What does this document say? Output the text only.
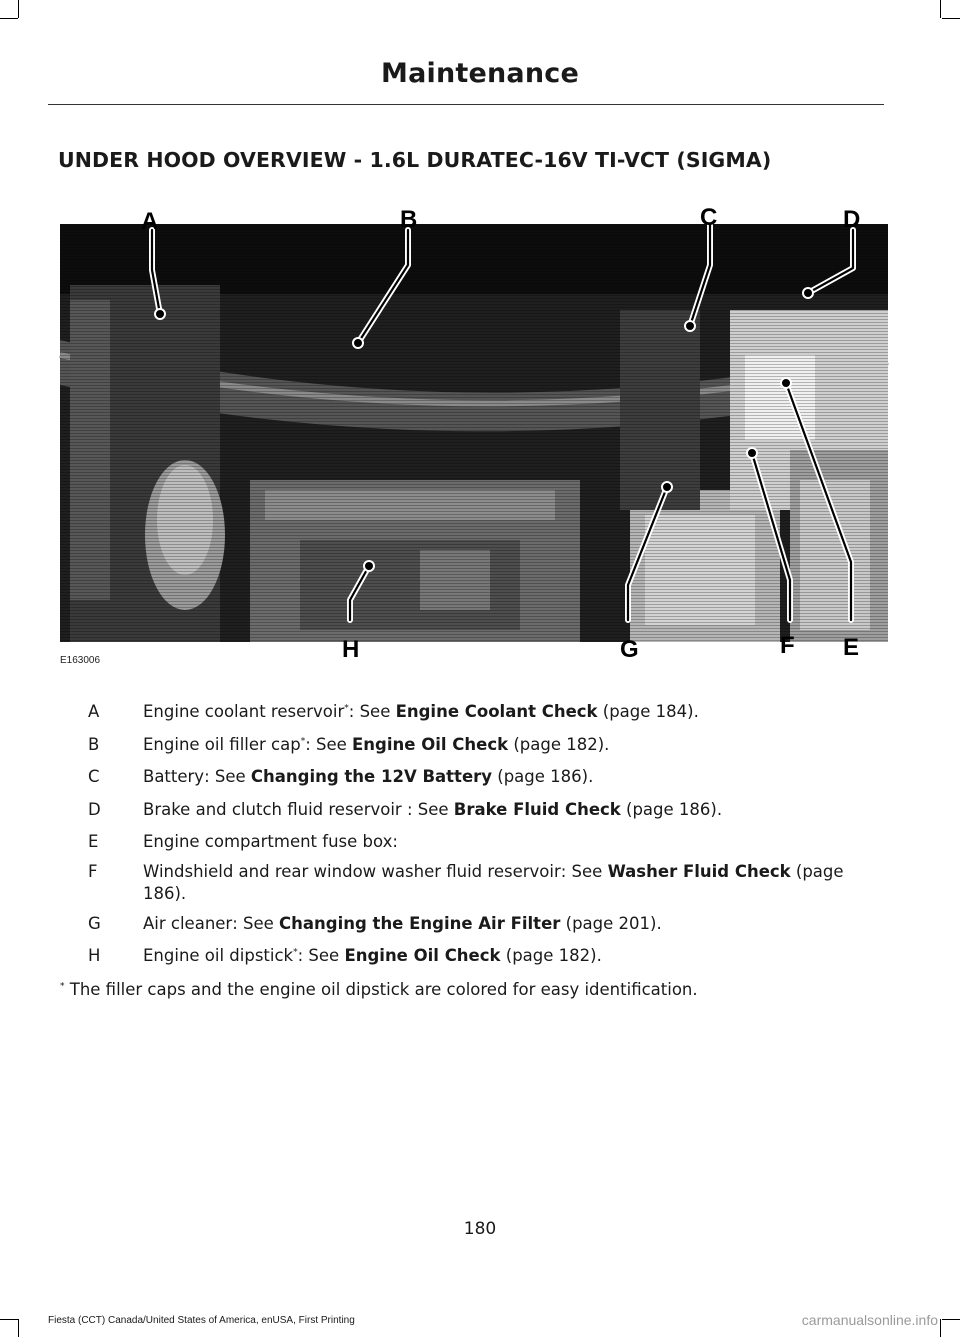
Maintenance
UNDER HOOD OVERVIEW - 1.6L DURATEC-16V TI-VCT (SIGMA)
A	B	C	D
E
F
G
H
E163006
A	Engine coolant reservoir*: See Engine Coolant Check (page 184).
B	Engine oil filler cap*: See Engine Oil Check (page 182).
C	Battery: See Changing the 12V Battery (page 186).
D	Brake and clutch fluid reservoir : See Brake Fluid Check (page 186).
E	Engine compartment fuse box:
F	Windshield and rear window washer fluid reservoir: See Washer Fluid Check (page 186).
G	Air cleaner: See Changing the Engine Air Filter (page 201).
H	Engine oil dipstick*: See Engine Oil Check (page 182).
* The filler caps and the engine oil dipstick are colored for easy identification.
180
Fiesta (CCT) Canada/United States of America, enUSA, First Printing	carmanualsonline.info
